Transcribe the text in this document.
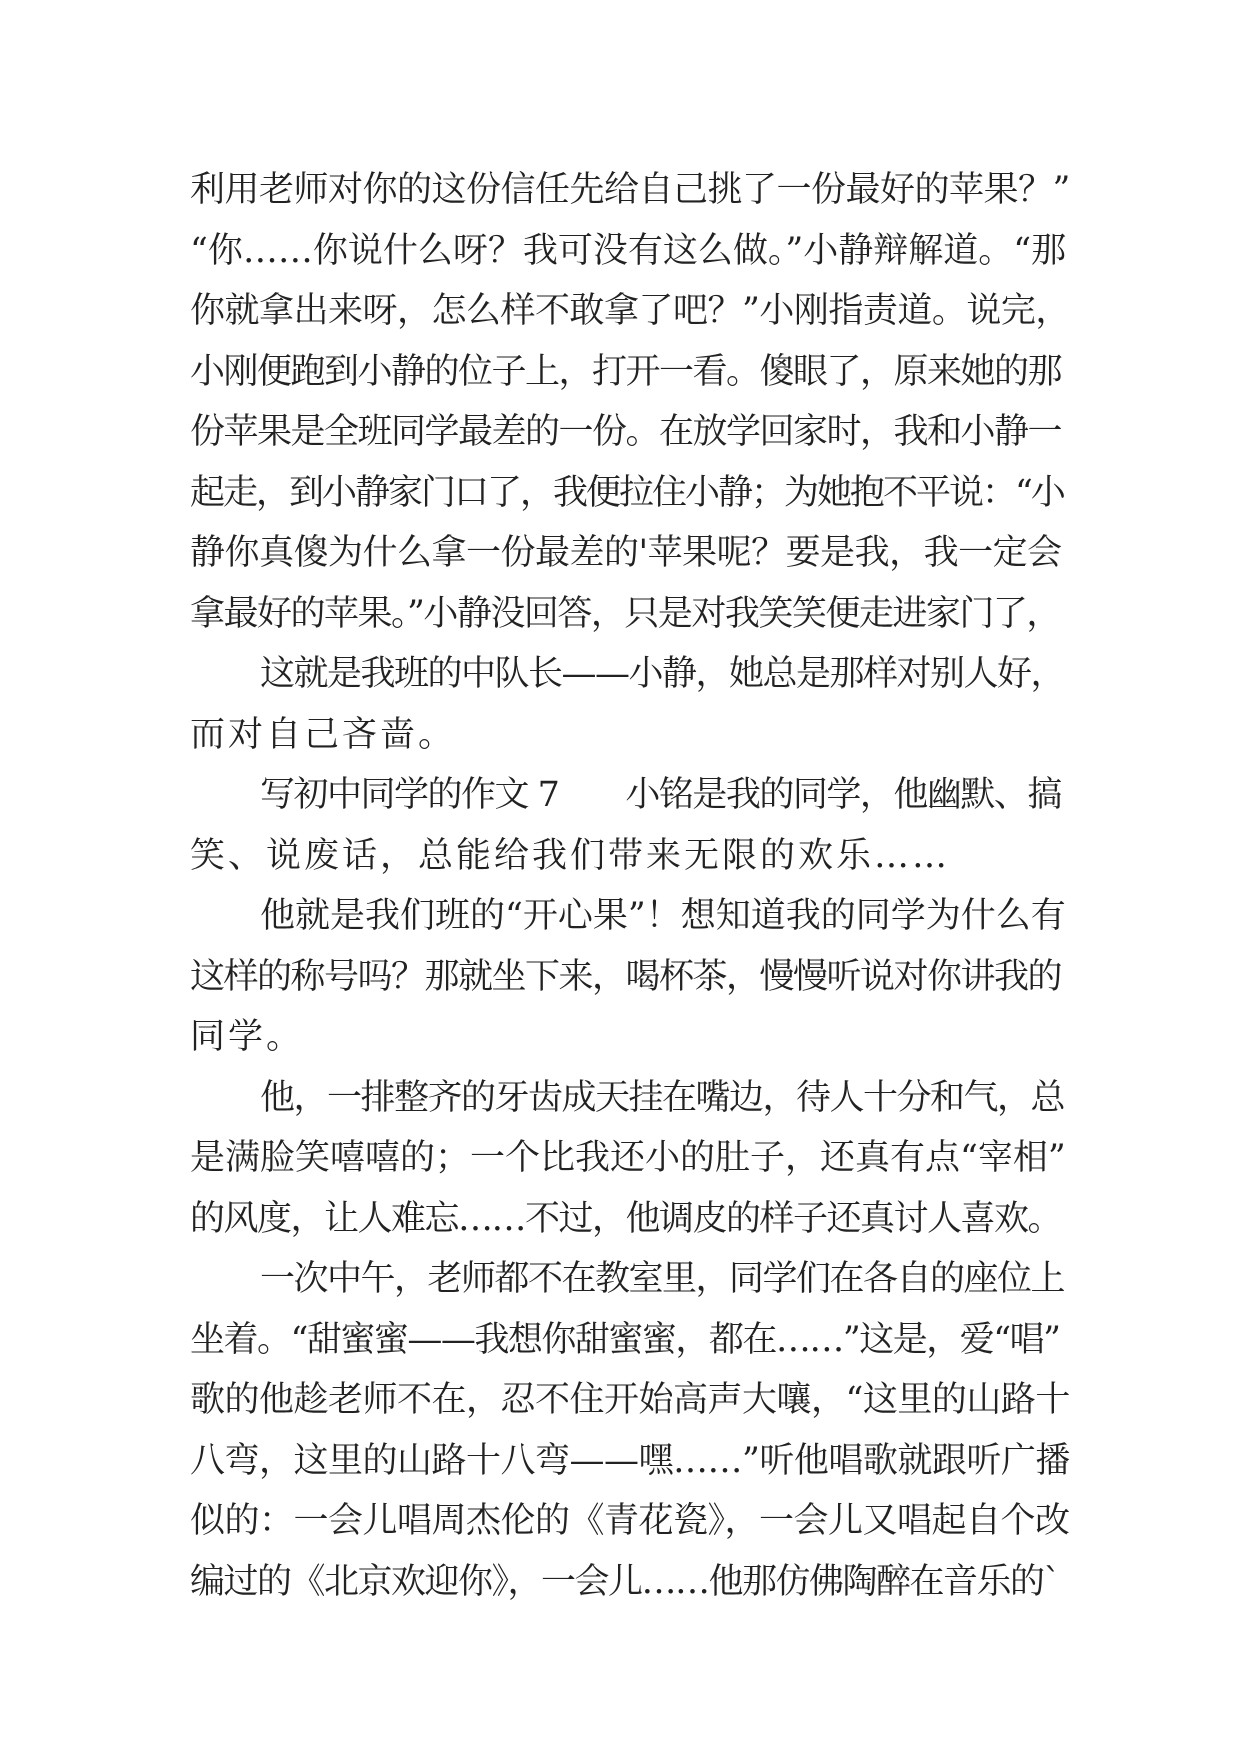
利用老师对你的这份信任先给自己挑了一份最好的苹果？”
“你……你说什么呀？我可没有这么做。”小静辩解道。“那
你就拿出来呀，怎么样不敢拿了吧？”小刚指责道。说完，
小刚便跑到小静的位子上，打开一看。傻眼了，原来她的那
份苹果是全班同学最差的一份。在放学回家时，我和小静一
起走，到小静家门口了，我便拉住小静；为她抱不平说：“小
静你真傻为什么拿一份最差的'苹果呢？要是我，我一定会
拿最好的苹果。”小静没回答，只是对我笑笑便走进家门了，
这就是我班的中队长——小静，她总是那样对别人好，
而对自己吝啬。
写初中同学的作文 7　　小铭是我的同学，他幽默、搞
笑、说废话，总能给我们带来无限的欢乐……
他就是我们班的“开心果”！想知道我的同学为什么有
这样的称号吗？那就坐下来，喝杯茶，慢慢听说对你讲我的
同学。
他，一排整齐的牙齿成天挂在嘴边，待人十分和气，总
是满脸笑嘻嘻的；一个比我还小的肚子，还真有点“宰相”
的风度，让人难忘……不过，他调皮的样子还真讨人喜欢。
一次中午，老师都不在教室里，同学们在各自的座位上
坐着。“甜蜜蜜——我想你甜蜜蜜，都在……”这是，爱“唱”
歌的他趁老师不在，忍不住开始高声大嚷，“这里的山路十
八弯，这里的山路十八弯——嘿……”听他唱歌就跟听广播
似的：一会儿唱周杰伦的《青花瓷》，一会儿又唱起自个改
编过的《北京欢迎你》，一会儿……他那仿佛陶醉在音乐的`
